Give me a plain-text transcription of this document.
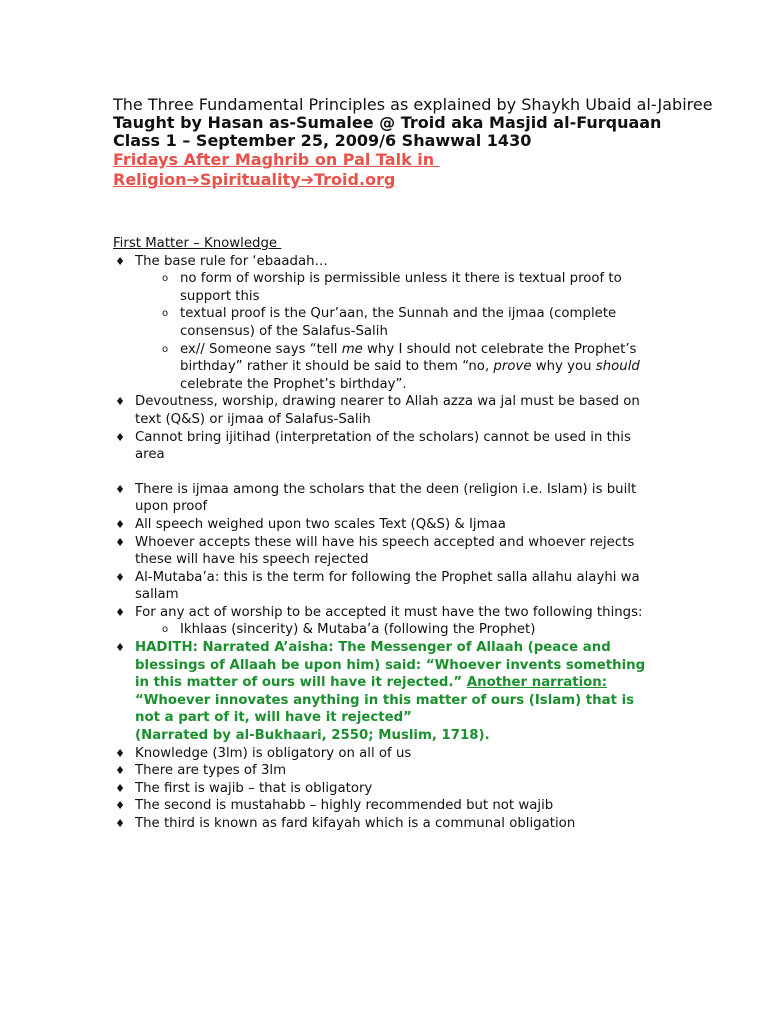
The Three Fundamental Principles as explained by Shaykh Ubaid al-Jabiree
Taught by Hasan as-Sumalee @ Troid aka Masjid al-Furquaan
Class 1 – September 25, 2009/6 Shawwal 1430
Fridays After Maghrib on Pal Talk in
Religion➔Spirituality➔Troid.org
First Matter – Knowledge
♦ The base rule for ‘ebaadah…
o no form of worship is permissible unless it there is textual proof to support this
o textual proof is the Qur’aan, the Sunnah and the ijmaa (complete consensus) of the Salafus-Salih
o ex// Someone says “tell me why I should not celebrate the Prophet’s birthday” rather it should be said to them “no, prove why you should celebrate the Prophet’s birthday”.
♦ Devoutness, worship, drawing nearer to Allah azza wa jal must be based on text (Q&S) or ijmaa of Salafus-Salih
♦ Cannot bring ijitihad (interpretation of the scholars) cannot be used in this area
♦ There is ijmaa among the scholars that the deen (religion i.e. Islam) is built upon proof
♦ All speech weighed upon two scales Text (Q&S) & Ijmaa
♦ Whoever accepts these will have his speech accepted and whoever rejects these will have his speech rejected
♦ Al-Mutaba’a: this is the term for following the Prophet salla allahu alayhi wa sallam
♦ For any act of worship to be accepted it must have the two following things:
o Ikhlaas (sincerity) & Mutaba’a (following the Prophet)
♦ HADITH: Narrated A’aisha: The Messenger of Allaah (peace and blessings of Allaah be upon him) said: “Whoever invents something in this matter of ours will have it rejected.” Another narration: “Whoever innovates anything in this matter of ours (Islam) that is not a part of it, will have it rejected”
(Narrated by al-Bukhaari, 2550; Muslim, 1718).
♦ Knowledge (3lm) is obligatory on all of us
♦ There are types of 3lm
♦ The first is wajib – that is obligatory
♦ The second is mustahabb – highly recommended but not wajib
♦ The third is known as fard kifayah which is a communal obligation
